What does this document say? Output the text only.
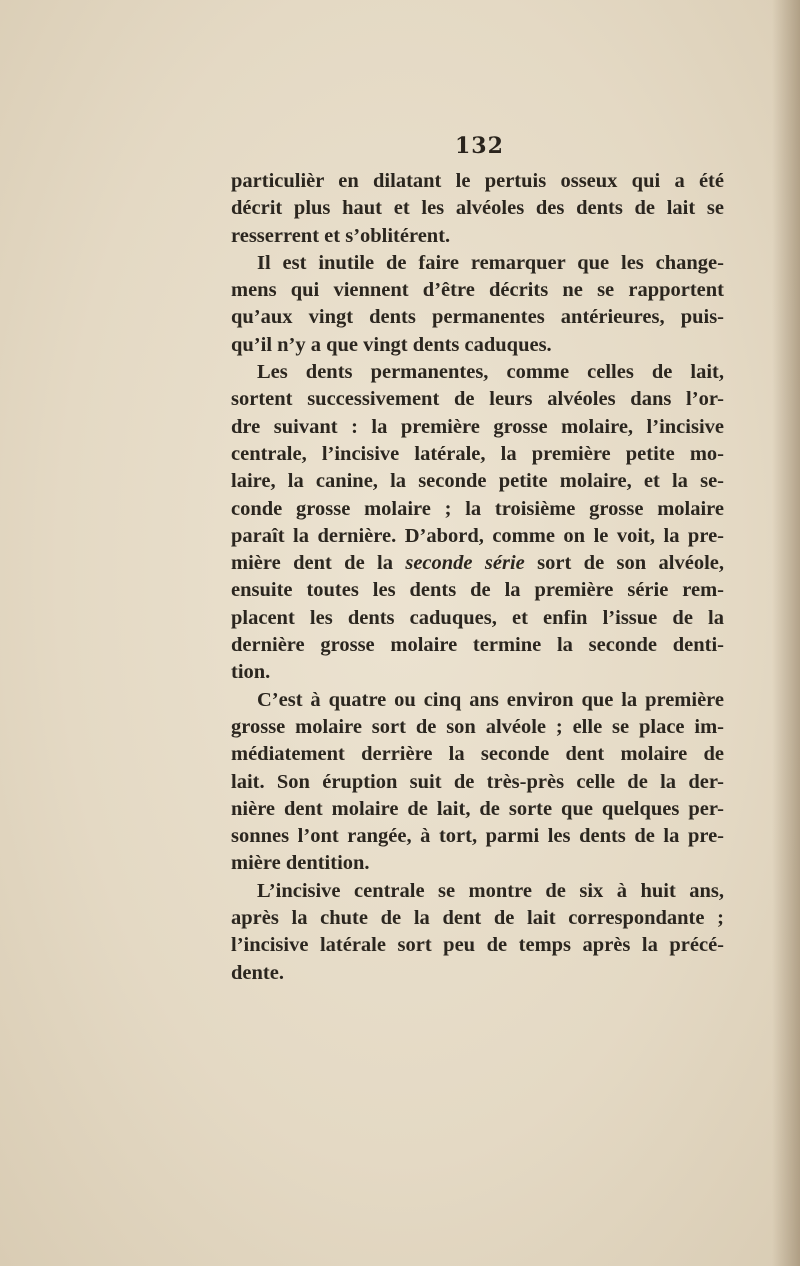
132
particulièr en dilatant le pertuis osseux qui a été
décrit plus haut et les alvéoles des dents de lait se
resserrent et s’oblitérent.
Il est inutile de faire remarquer que les change-
mens qui viennent d’être décrits ne se rapportent
qu’aux vingt dents permanentes antérieures, puis-
qu’il n’y a que vingt dents caduques.
Les dents permanentes, comme celles de lait,
sortent successivement de leurs alvéoles dans l’or-
dre suivant : la première grosse molaire, l’incisive
centrale, l’incisive latérale, la première petite mo-
laire, la canine, la seconde petite molaire, et la se-
conde grosse molaire ; la troisième grosse molaire
paraît la dernière. D’abord, comme on le voit, la pre-
mière dent de la seconde série sort de son alvéole,
ensuite toutes les dents de la première série rem-
placent les dents caduques, et enfin l’issue de la
dernière grosse molaire termine la seconde denti-
tion.
C’est à quatre ou cinq ans environ que la première
grosse molaire sort de son alvéole ; elle se place im-
médiatement derrière la seconde dent molaire de
lait. Son éruption suit de très-près celle de la der-
nière dent molaire de lait, de sorte que quelques per-
sonnes l’ont rangée, à tort, parmi les dents de la pre-
mière dentition.
L’incisive centrale se montre de six à huit ans,
après la chute de la dent de lait correspondante ;
l’incisive latérale sort peu de temps après la précé-
dente.
